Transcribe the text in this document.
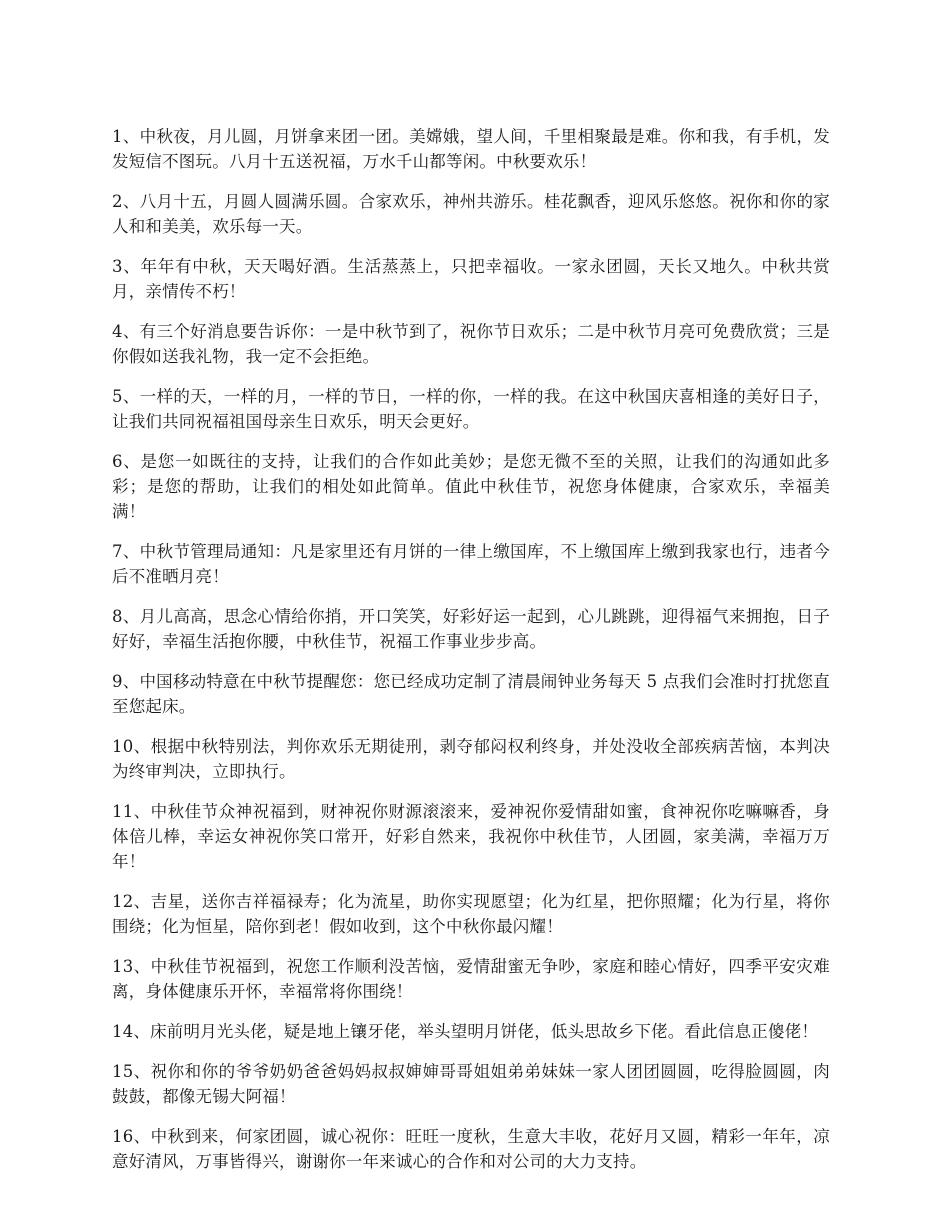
1、中秋夜，月儿圆，月饼拿来团一团。美嫦娥，望人间，千里相聚最是难。你和我，有手机，发发短信不图玩。八月十五送祝福，万水千山都等闲。中秋要欢乐！

2、八月十五，月圆人圆满乐圆。合家欢乐，神州共游乐。桂花飘香，迎风乐悠悠。祝你和你的家人和和美美，欢乐每一天。

3、年年有中秋，天天喝好酒。生活蒸蒸上，只把幸福收。一家永团圆，天长又地久。中秋共赏月，亲情传不朽！

4、有三个好消息要告诉你：一是中秋节到了，祝你节日欢乐；二是中秋节月亮可免费欣赏；三是你假如送我礼物，我一定不会拒绝。

5、一样的天，一样的月，一样的节日，一样的你，一样的我。在这中秋国庆喜相逢的美好日子，让我们共同祝福祖国母亲生日欢乐，明天会更好。

6、是您一如既往的支持，让我们的合作如此美妙；是您无微不至的关照，让我们的沟通如此多彩；是您的帮助，让我们的相处如此简单。值此中秋佳节，祝您身体健康，合家欢乐，幸福美满！

7、中秋节管理局通知：凡是家里还有月饼的一律上缴国库，不上缴国库上缴到我家也行，违者今后不准晒月亮！

8、月儿高高，思念心情给你捎，开口笑笑，好彩好运一起到，心儿跳跳，迎得福气来拥抱，日子好好，幸福生活抱你腰，中秋佳节，祝福工作事业步步高。

9、中国移动特意在中秋节提醒您：您已经成功定制了清晨闹钟业务每天 5 点我们会准时打扰您直至您起床。

10、根据中秋特别法，判你欢乐无期徒刑，剥夺郁闷权利终身，并处没收全部疾病苦恼，本判决为终审判决，立即执行。

11、中秋佳节众神祝福到，财神祝你财源滚滚来，爱神祝你爱情甜如蜜，食神祝你吃嘛嘛香，身体倍儿棒，幸运女神祝你笑口常开，好彩自然来，我祝你中秋佳节，人团圆，家美满，幸福万万年！

12、吉星，送你吉祥福禄寿；化为流星，助你实现愿望；化为红星，把你照耀；化为行星，将你围绕；化为恒星，陪你到老！假如收到，这个中秋你最闪耀！

13、中秋佳节祝福到，祝您工作顺利没苦恼，爱情甜蜜无争吵，家庭和睦心情好，四季平安灾难离，身体健康乐开怀，幸福常将你围绕！

14、床前明月光头佬，疑是地上镶牙佬，举头望明月饼佬，低头思故乡下佬。看此信息正傻佬！

15、祝你和你的爷爷奶奶爸爸妈妈叔叔婶婶哥哥姐姐弟弟妹妹一家人团团圆圆，吃得脸圆圆，肉鼓鼓，都像无锡大阿福！

16、中秋到来，何家团圆，诚心祝你：旺旺一度秋，生意大丰收，花好月又圆，精彩一年年，凉意好清风，万事皆得兴，谢谢你一年来诚心的合作和对公司的大力支持。
